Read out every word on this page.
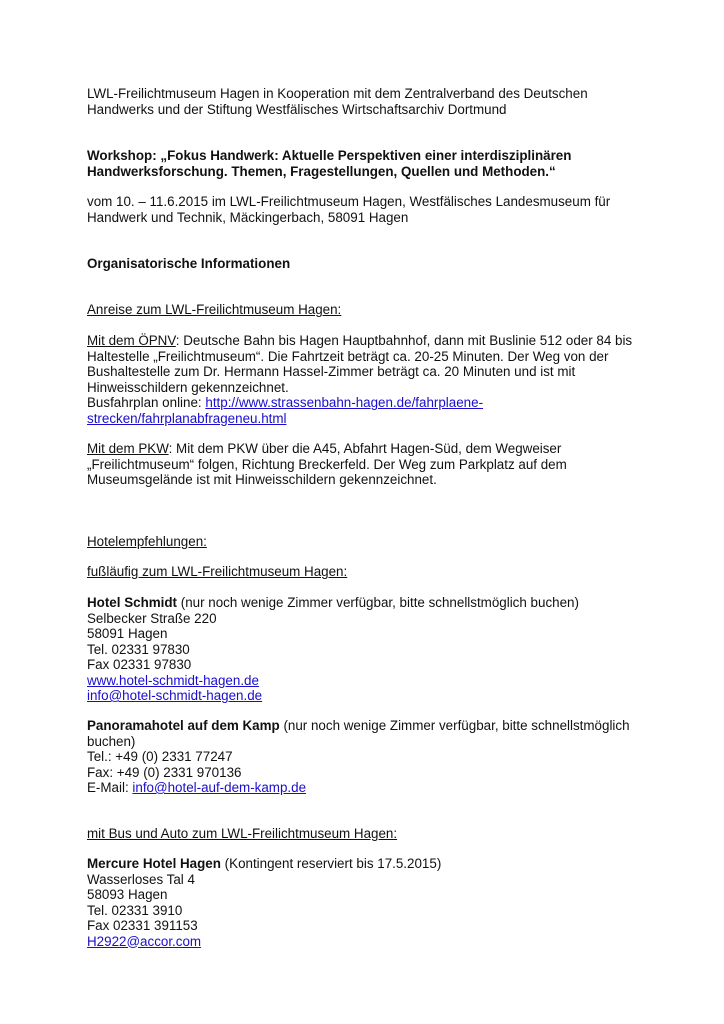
LWL-Freilichtmuseum Hagen in Kooperation mit dem Zentralverband des Deutschen
Handwerks und der Stiftung Westfälisches Wirtschaftsarchiv Dortmund

Workshop: „Fokus Handwerk: Aktuelle Perspektiven einer interdisziplinären
Handwerksforschung. Themen, Fragestellungen, Quellen und Methoden.“

vom 10. – 11.6.2015 im LWL-Freilichtmuseum Hagen, Westfälisches Landesmuseum für
Handwerk und Technik, Mäckingerbach, 58091 Hagen

Organisatorische Informationen

Anreise zum LWL-Freilichtmuseum Hagen:

Mit dem ÖPNV: Deutsche Bahn bis Hagen Hauptbahnhof, dann mit Buslinie 512 oder 84 bis
Haltestelle „Freilichtmuseum“. Die Fahrtzeit beträgt ca. 20-25 Minuten. Der Weg von der
Bushaltestelle zum Dr. Hermann Hassel-Zimmer beträgt ca. 20 Minuten und ist mit
Hinweisschildern gekennzeichnet.
Busfahrplan online: http://www.strassenbahn-hagen.de/fahrplaene-
strecken/fahrplanabfrageneu.html

Mit dem PKW: Mit dem PKW über die A45, Abfahrt Hagen-Süd, dem Wegweiser
„Freilichtmuseum“ folgen, Richtung Breckerfeld. Der Weg zum Parkplatz auf dem
Museumsgelände ist mit Hinweisschildern gekennzeichnet.

Hotelempfehlungen:

fußläufig zum LWL-Freilichtmuseum Hagen:

Hotel Schmidt (nur noch wenige Zimmer verfügbar, bitte schnellstmöglich buchen)
Selbecker Straße 220
58091 Hagen
Tel. 02331 97830
Fax 02331 97830
www.hotel-schmidt-hagen.de
info@hotel-schmidt-hagen.de

Panoramahotel auf dem Kamp (nur noch wenige Zimmer verfügbar, bitte schnellstmöglich
buchen)
Tel.: +49 (0) 2331 77247
Fax: +49 (0) 2331 970136
E-Mail: info@hotel-auf-dem-kamp.de

mit Bus und Auto zum LWL-Freilichtmuseum Hagen:

Mercure Hotel Hagen (Kontingent reserviert bis 17.5.2015)
Wasserloses Tal 4
58093 Hagen
Tel. 02331 3910
Fax 02331 391153
H2922@accor.com
